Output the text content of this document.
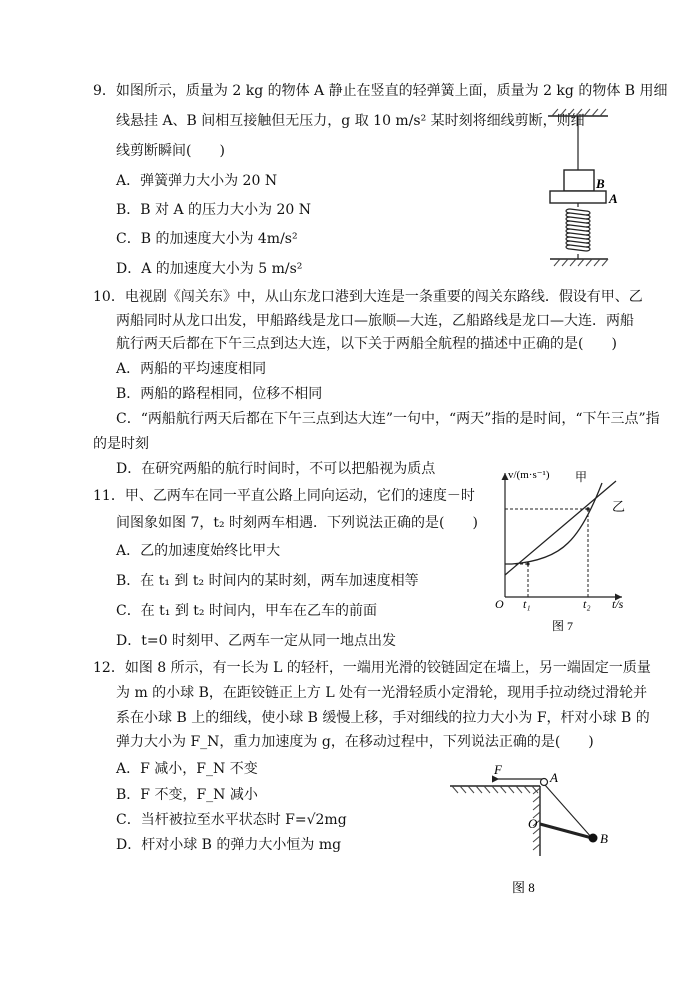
9．如图所示，质量为 2 kg 的物体 A 静止在竖直的轻弹簧上面，质量为 2 kg 的物体 B 用细
线悬挂 A、B 间相互接触但无压力，g 取 10 m/s² 某时刻将细线剪断，则细
线剪断瞬间(　　)
A．弹簧弹力大小为 20 N
B．B 对 A 的压力大小为 20 N
C．B 的加速度大小为 4m/s²
D．A 的加速度大小为 5 m/s²
B
A
10．电视剧《闯关东》中，从山东龙口港到大连是一条重要的闯关东路线．假设有甲、乙
两船同时从龙口出发，甲船路线是龙口—旅顺—大连，乙船路线是龙口—大连．两船
航行两天后都在下午三点到达大连，以下关于两船全航程的描述中正确的是(　　)
A．两船的平均速度相同
B．两船的路程相同，位移不相同
C．“两船航行两天后都在下午三点到达大连”一句中，“两天”指的是时间，“下午三点”指
的是时刻
D．在研究两船的航行时间时，不可以把船视为质点
11．甲、乙两车在同一平直公路上同向运动，它们的速度－时
间图象如图 7，t₂ 时刻两车相遇．下列说法正确的是(　　)
A．乙的加速度始终比甲大
B．在 t₁ 到 t₂ 时间内的某时刻，两车加速度相等
C．在 t₁ 到 t₂ 时间内，甲车在乙车的前面
D．t=0 时刻甲、乙两车一定从同一地点出发
v/(m·s⁻¹) 甲
乙
O t₁	t₂ t/s
图 7
12．如图 8 所示，有一长为 L 的轻杆，一端用光滑的铰链固定在墙上，另一端固定一质量
为 m 的小球 B，在距铰链正上方 L 处有一光滑轻质小定滑轮，现用手拉动绕过滑轮并
系在小球 B 上的细线，使小球 B 缓慢上移，手对细线的拉力大小为 F，杆对小球 B 的
弹力大小为 F_N，重力加速度为 g，在移动过程中，下列说法正确的是(　　)
A．F 减小，F_N 不变
B．F 不变，F_N 减小
C．当杆被拉至水平状态时 F=√2mg
D．杆对小球 B 的弹力大小恒为 mg
A
F
O
B
图 8
